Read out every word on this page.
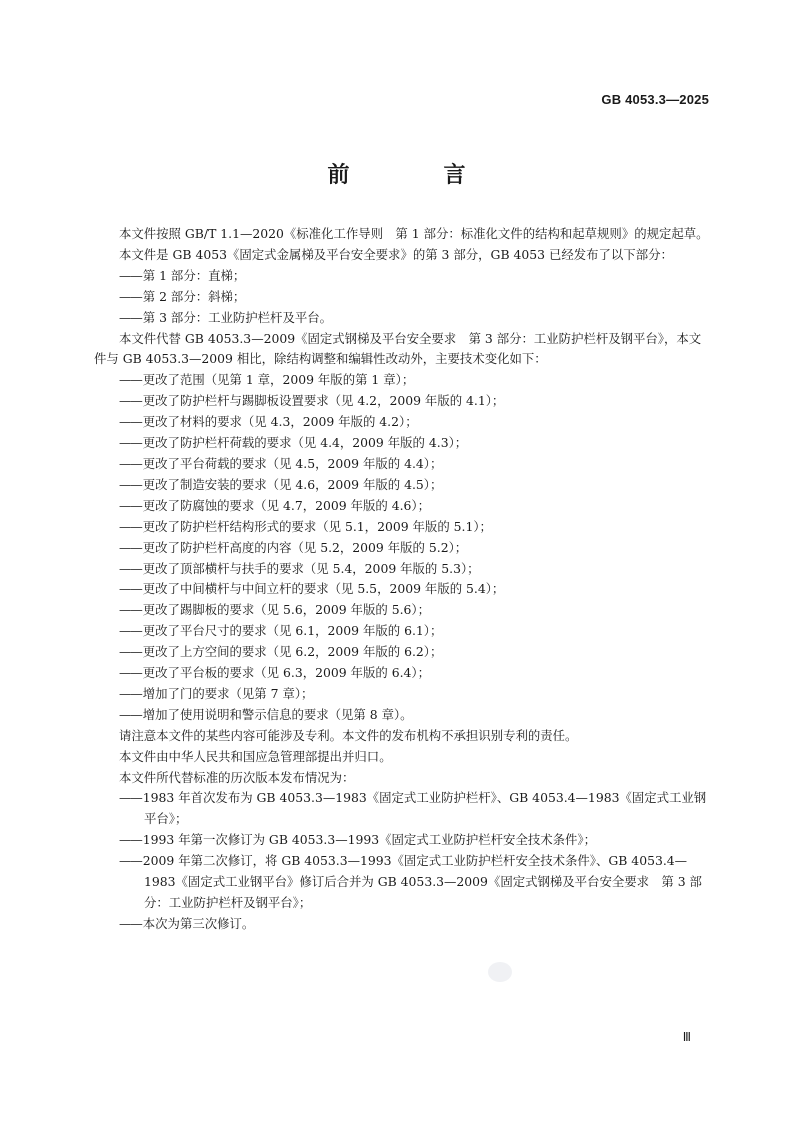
GB 4053.3—2025
前　言

本文件按照 GB/T 1.1—2020《标准化工作导则　第 1 部分：标准化文件的结构和起草规则》的规定起草。

本文件是 GB 4053《固定式金属梯及平台安全要求》的第 3 部分，GB 4053 已经发布了以下部分：

—— 第 1 部分：直梯；
—— 第 2 部分：斜梯；
—— 第 3 部分：工业防护栏杆及平台。

本文件代替 GB 4053.3—2009《固定式钢梯及平台安全要求　第 3 部分：工业防护栏杆及钢平台》，本文件与 GB 4053.3—2009 相比，除结构调整和编辑性改动外，主要技术变化如下：

—— 更改了范围（见第 1 章，2009 年版的第 1 章）；
—— 更改了防护栏杆与踢脚板设置要求（见 4.2，2009 年版的 4.1）；
—— 更改了材料的要求（见 4.3，2009 年版的 4.2）；
—— 更改了防护栏杆荷载的要求（见 4.4，2009 年版的 4.3）；
—— 更改了平台荷载的要求（见 4.5，2009 年版的 4.4）；
—— 更改了制造安装的要求（见 4.6，2009 年版的 4.5）；
—— 更改了防腐蚀的要求（见 4.7，2009 年版的 4.6）；
—— 更改了防护栏杆结构形式的要求（见 5.1，2009 年版的 5.1）；
—— 更改了防护栏杆高度的内容（见 5.2，2009 年版的 5.2）；
—— 更改了顶部横杆与扶手的要求（见 5.4，2009 年版的 5.3）；
—— 更改了中间横杆与中间立杆的要求（见 5.5，2009 年版的 5.4）；
—— 更改了踢脚板的要求（见 5.6，2009 年版的 5.6）；
—— 更改了平台尺寸的要求（见 6.1，2009 年版的 6.1）；
—— 更改了上方空间的要求（见 6.2，2009 年版的 6.2）；
—— 更改了平台板的要求（见 6.3，2009 年版的 6.4）；
—— 增加了门的要求（见第 7 章）；
—— 增加了使用说明和警示信息的要求（见第 8 章）。

请注意本文件的某些内容可能涉及专利。本文件的发布机构不承担识别专利的责任。

本文件由中华人民共和国应急管理部提出并归口。

本文件所代替标准的历次版本发布情况为：

—— 1983 年首次发布为 GB 4053.3—1983《固定式工业防护栏杆》、GB 4053.4—1983《固定式工业钢平台》；
—— 1993 年第一次修订为 GB 4053.3—1993《固定式工业防护栏杆安全技术条件》；
—— 2009 年第二次修订，将 GB 4053.3—1993《固定式工业防护栏杆安全技术条件》、GB 4053.4—1983《固定式工业钢平台》修订后合并为 GB 4053.3—2009《固定式钢梯及平台安全要求　第 3 部分：工业防护栏杆及钢平台》；
—— 本次为第三次修订。
Ⅲ
